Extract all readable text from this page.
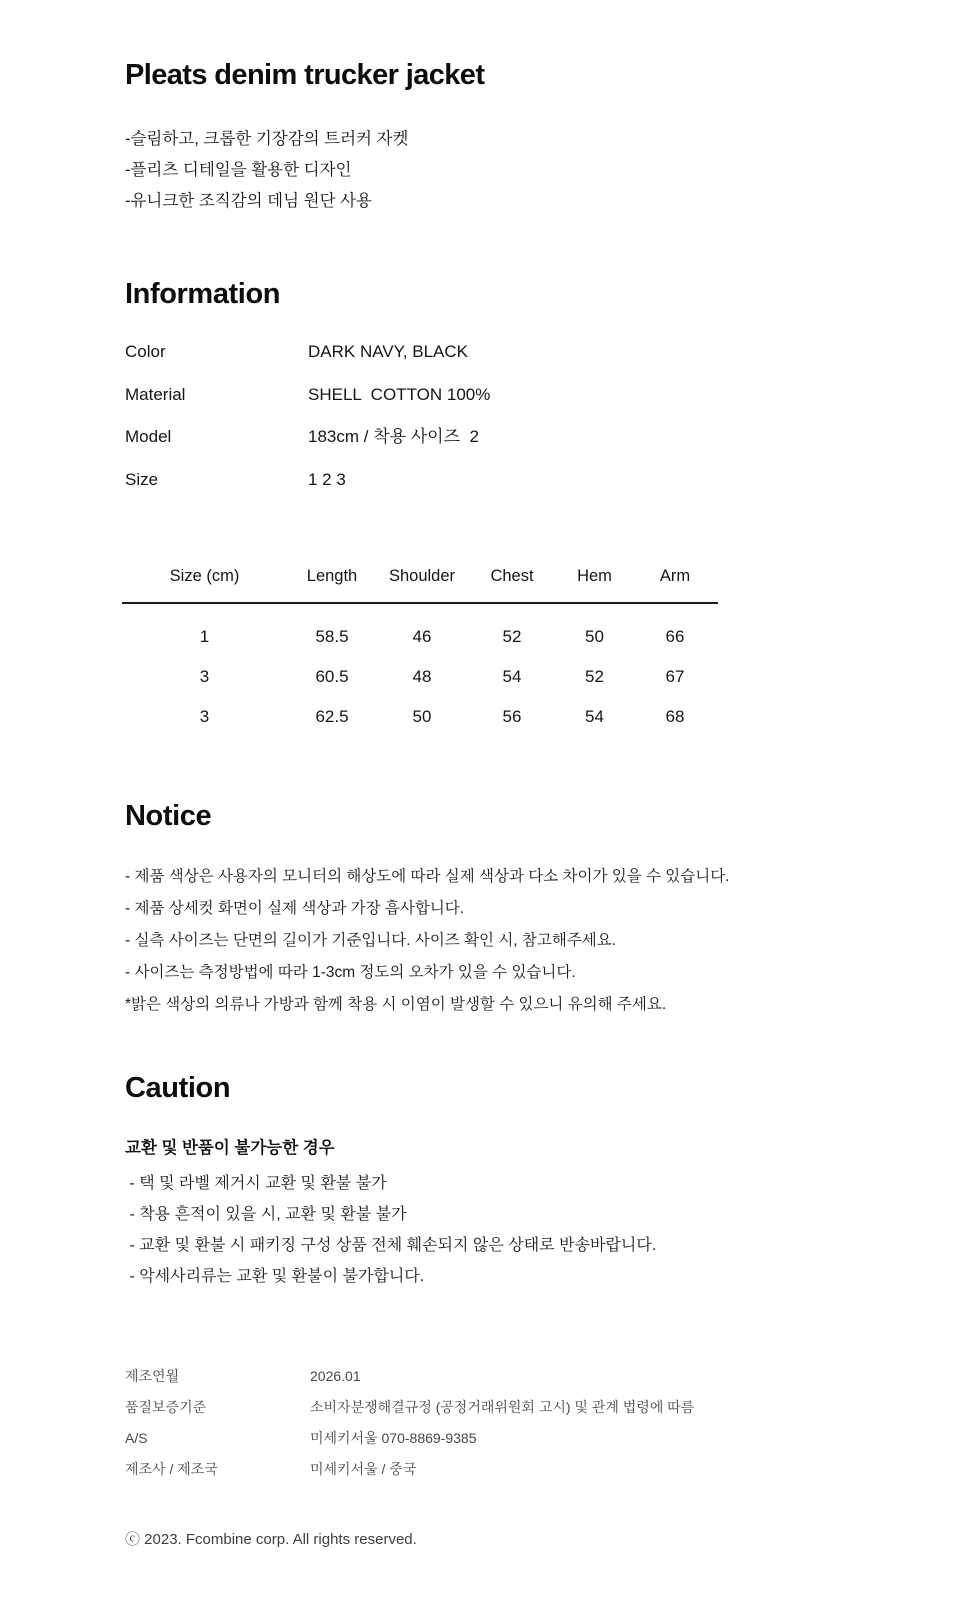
Pleats denim trucker jacket
-슬림하고, 크롭한 기장감의 트러커 자켓
-플리츠 디테일을 활용한 디자인
-유니크한 조직감의 데님 원단 사용
Information
Color	DARK NAVY, BLACK
Material	SHELL  COTTON 100%
Model	183cm / 착용 사이즈  2
Size	1 2 3
Size (cm)	Length	Shoulder	Chest	Hem	Arm
1	58.5	46	52	50	66
3	60.5	48	54	52	67
3	62.5	50	56	54	68
Notice
- 제품 색상은 사용자의 모니터의 해상도에 따라 실제 색상과 다소 차이가 있을 수 있습니다.
- 제품 상세컷 화면이 실제 색상과 가장 흡사합니다.
- 실측 사이즈는 단면의 길이가 기준입니다. 사이즈 확인 시, 참고해주세요.
- 사이즈는 측정방법에 따라 1-3cm 정도의 오차가 있을 수 있습니다.
*밝은 색상의 의류나 가방과 함께 착용 시 이염이 발생할 수 있으니 유의해 주세요.
Caution
교환 및 반품이 불가능한 경우
- 택 및 라벨 제거시 교환 및 환불 불가
- 착용 흔적이 있을 시, 교환 및 환불 불가
- 교환 및 환불 시 패키징 구성 상품 전체 훼손되지 않은 상태로 반송바랍니다.
- 악세사리류는 교환 및 환불이 불가합니다.
제조연월	2026.01
품질보증기준	소비자분쟁해결규정 (공정거래위원회 고시) 및 관계 법령에 따름
A/S	미세키서울 070-8869-9385
제조사 / 제조국	미세키서울 / 중국
ⓒ 2023. Fcombine corp. All rights reserved.
